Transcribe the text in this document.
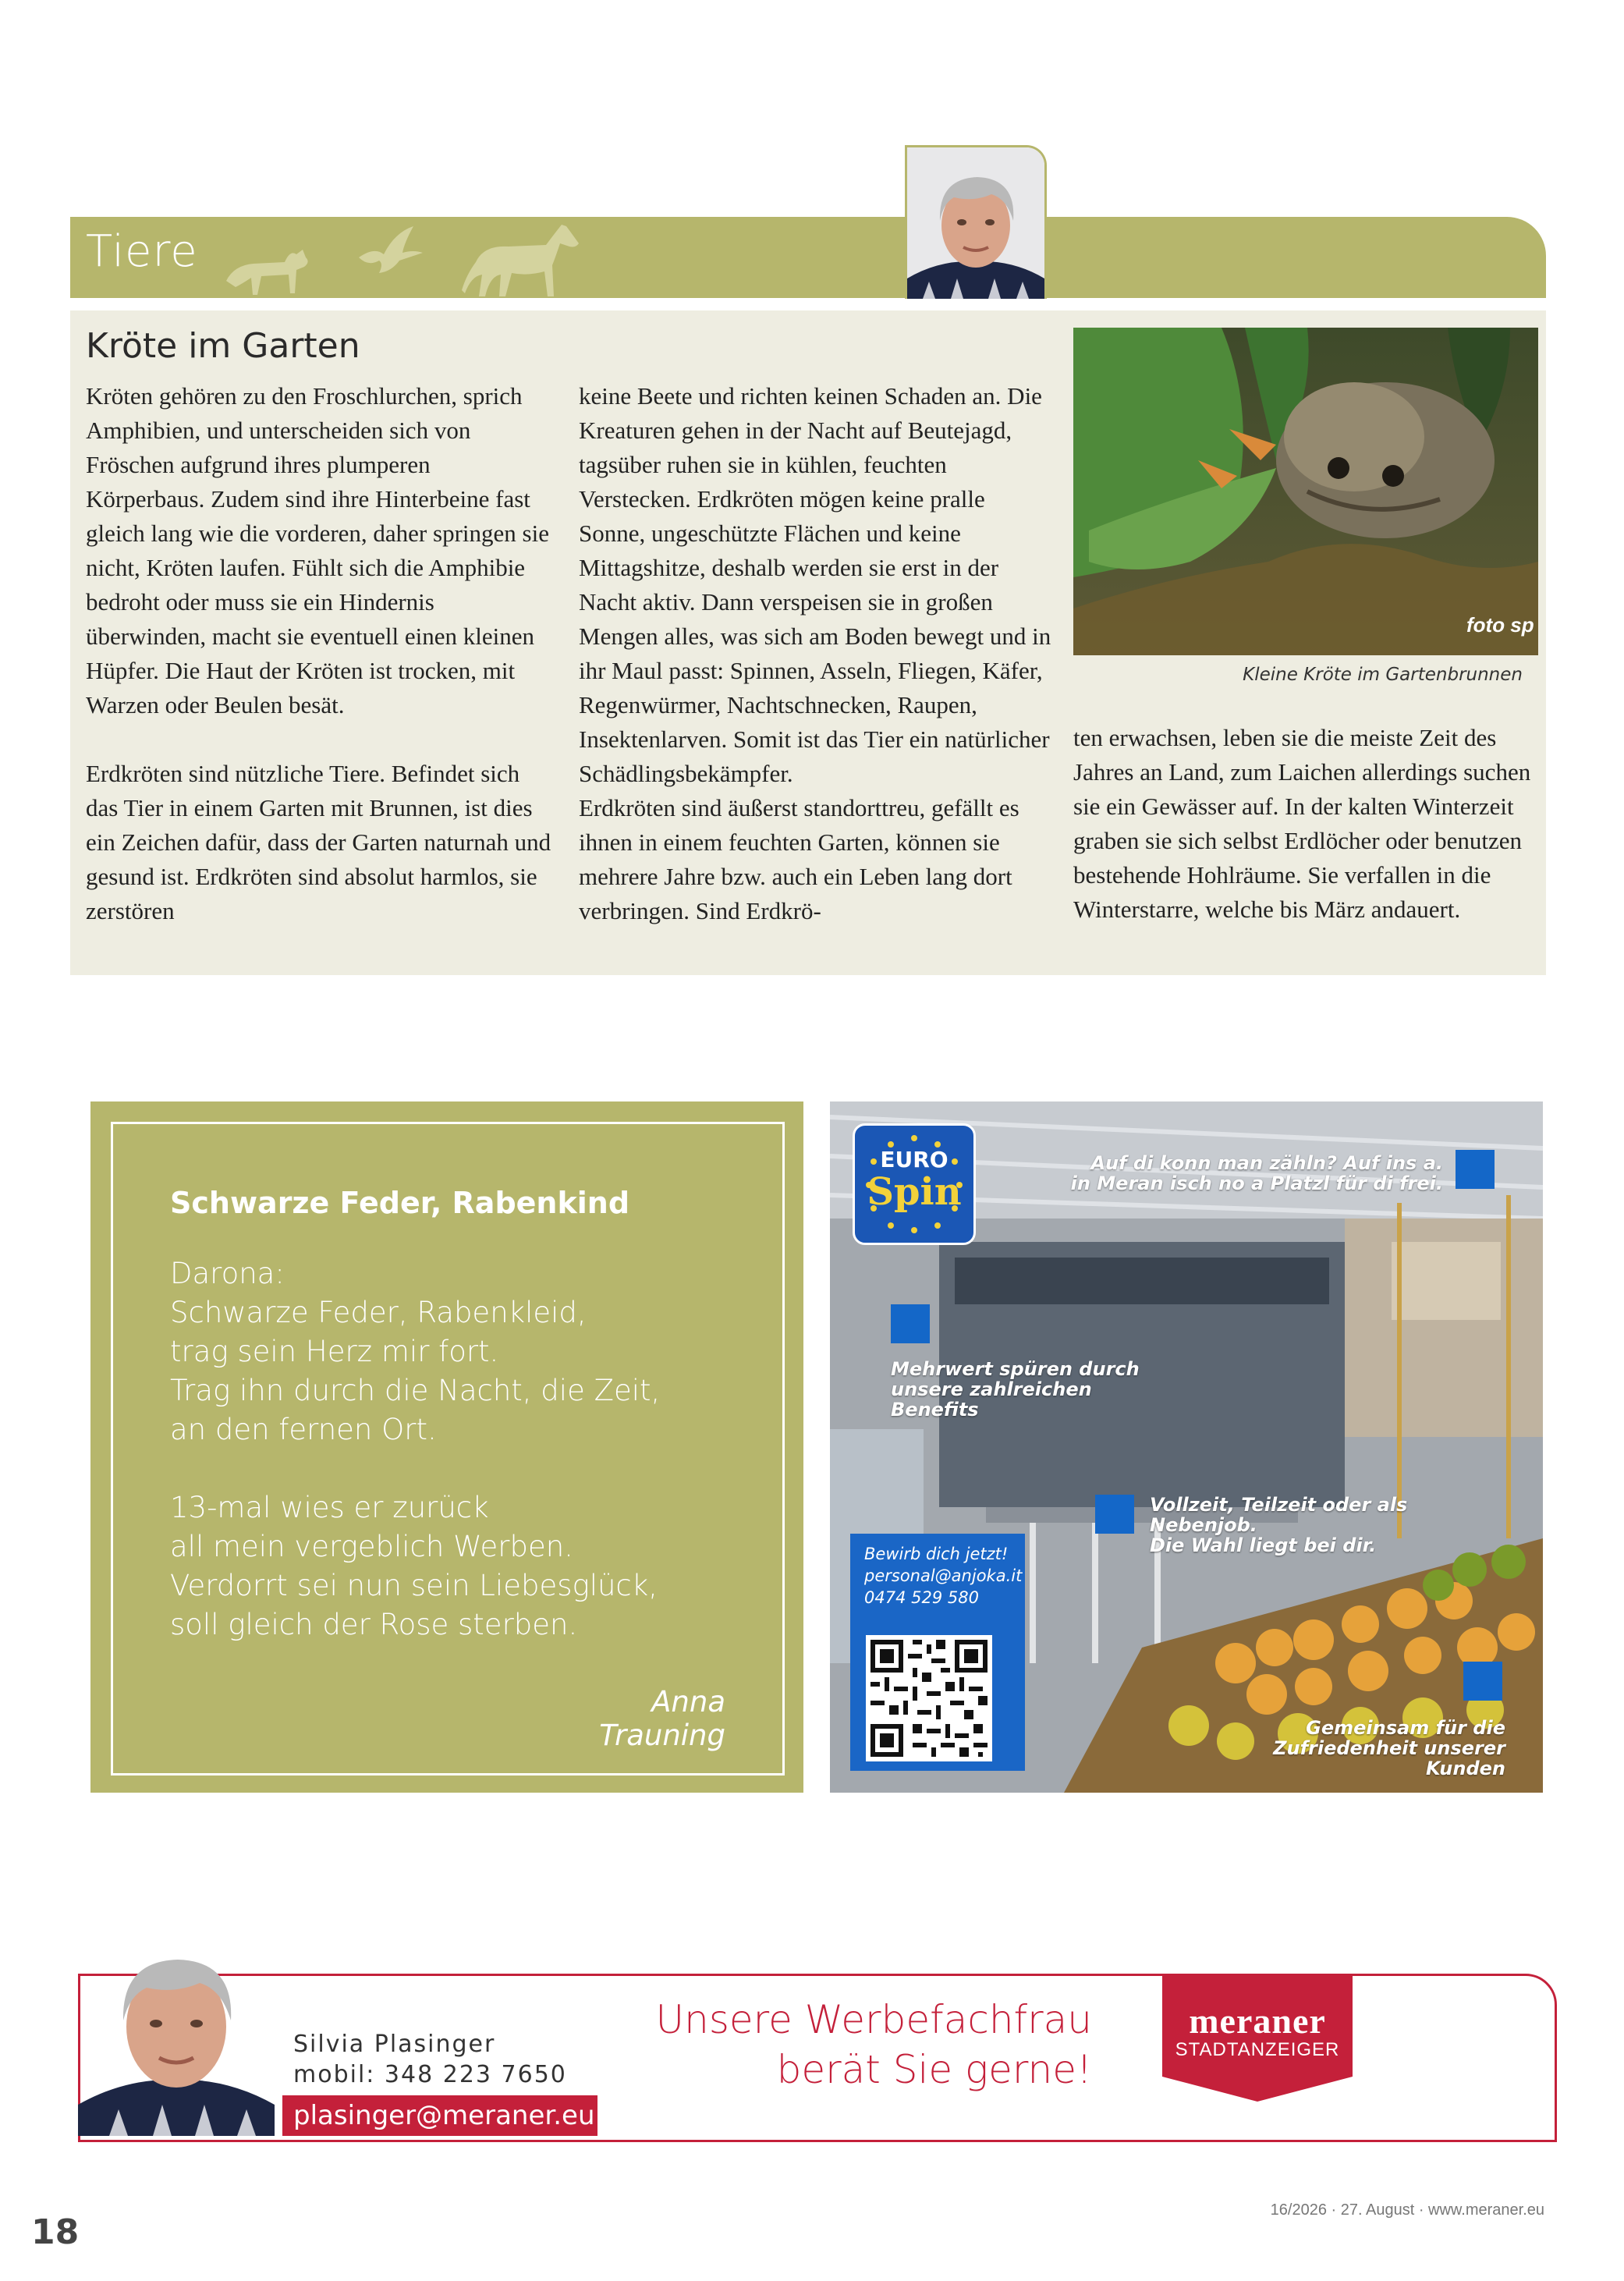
Tiere
Kröte im Garten

Kröten gehören zu den Froschlurchen, sprich Amphibien, und unterscheiden sich von Fröschen aufgrund ihres plumperen Körperbaus. Zudem sind ihre Hinterbeine fast gleich lang wie die vorderen, daher springen sie nicht, Kröten laufen. Fühlt sich die Amphibie bedroht oder muss sie ein Hindernis überwinden, macht sie eventuell einen kleinen Hüpfer. Die Haut der Kröten ist trocken, mit Warzen oder Beulen besät.

Erdkröten sind nützliche Tiere. Befindet sich das Tier in einem Garten mit Brunnen, ist dies ein Zeichen dafür, dass der Garten naturnah und gesund ist. Erdkröten sind absolut harmlos, sie zerstören

keine Beete und richten keinen Schaden an. Die Kreaturen gehen in der Nacht auf Beutejagd, tagsüber ruhen sie in kühlen, feuchten Verstecken. Erdkröten mögen keine pralle Sonne, ungeschützte Flächen und keine Mittagshitze, deshalb werden sie erst in der Nacht aktiv. Dann verspeisen sie in großen Mengen alles, was sich am Boden bewegt und in ihr Maul passt: Spinnen, Asseln, Fliegen, Käfer, Regenwürmer, Nachtschnecken, Raupen, Insektenlarven. Somit ist das Tier ein natürlicher Schädlingsbekämpfer.

Erdkröten sind äußerst standorttreu, gefällt es ihnen in einem feuchten Garten, können sie mehrere Jahre bzw. auch ein Leben lang dort verbringen. Sind Erdkrö-

foto sp
Kleine Kröte im Gartenbrunnen

ten erwachsen, leben sie die meiste Zeit des Jahres an Land, zum Laichen allerdings suchen sie ein Gewässer auf. In der kalten Winterzeit graben sie sich selbst Erdlöcher oder benutzen bestehende Hohlräume. Sie verfallen in die Winterstarre, welche bis März andauert.

Schwarze Feder, Rabenkind
Darona:
Schwarze Feder, Rabenkleid,
trag sein Herz mir fort.
Trag ihn durch die Nacht, die Zeit,
an den fernen Ort.
13-mal wies er zurück
all mein vergeblich Werben.
Verdorrt sei nun sein Liebesglück,
soll gleich der Rose sterben.
Anna Trauning
EURO
Spin
Auf di konn man zähln? Auf ins a.
in Meran isch no a Platzl für di frei.
Mehrwert spüren durch
unsere zahlreichen Benefits
Vollzeit, Teilzeit oder als Nebenjob.
Die Wahl liegt bei dir.
Gemeinsam für die
Zufriedenheit unserer Kunden
Bewirb dich jetzt!
personal@anjoka.it
0474 529 580
Silvia Plasinger
mobil: 348 223 7650
plasinger@meraner.eu
Unsere Werbefachfrau
berät Sie gerne!
meraner
STADTANZEIGER
18
16/2026 · 27. August · www.meraner.eu
